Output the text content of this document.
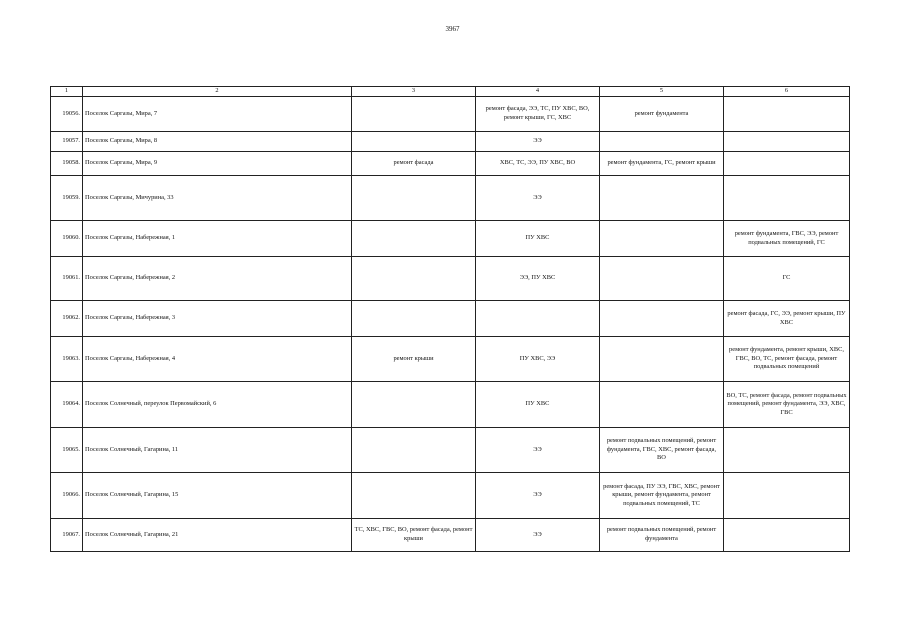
3967
1	2	3	4	5	6
19056.	Поселок Саргазы, Мира, 7		ремонт фасада, ЭЭ, ТС, ПУ ХВС, ВО, ремонт крыши, ГС, ХВС	ремонт фундамента	
19057.	Поселок Саргазы, Мира, 8		ЭЭ		
19058.	Поселок Саргазы, Мира, 9	ремонт фасада	ХВС, ТС, ЭЭ, ПУ ХВС, ВО	ремонт фундамента, ГС, ремонт крыши	
19059.	Поселок Саргазы, Мичурина, 33		ЭЭ		
19060.	Поселок Саргазы, Набережная, 1		ПУ ХВС		ремонт фундамента, ГВС, ЭЭ, ремонт подвальных помещений, ГС
19061.	Поселок Саргазы, Набережная, 2		ЭЭ, ПУ ХВС		ГС
19062.	Поселок Саргазы, Набережная, 3				ремонт фасада, ГС, ЭЭ, ремонт крыши, ПУ ХВС
19063.	Поселок Саргазы, Набережная, 4	ремонт крыши	ПУ ХВС, ЭЭ		ремонт фундамента, ремонт крыши, ХВС, ГВС, ВО, ТС, ремонт фасада, ремонт подвальных помещений
19064.	Поселок Солнечный, переулок Первомайский, 6		ПУ ХВС		ВО, ТС, ремонт фасада, ремонт подвальных помещений, ремонт фундамента, ЭЭ, ХВС, ГВС
19065.	Поселок Солнечный, Гагарина, 11		ЭЭ	ремонт подвальных помещений, ремонт фундамента, ГВС, ХВС, ремонт фасада, ВО	
19066.	Поселок Солнечный, Гагарина, 15		ЭЭ	ремонт фасада, ПУ ЭЭ, ГВС, ХВС, ремонт крыши, ремонт фундамента, ремонт подвальных помещений, ТС	
19067.	Поселок Солнечный, Гагарина, 21	ТС, ХВС, ГВС, ВО, ремонт фасада, ремонт крыши	ЭЭ	ремонт подвальных помещений, ремонт фундамента	
